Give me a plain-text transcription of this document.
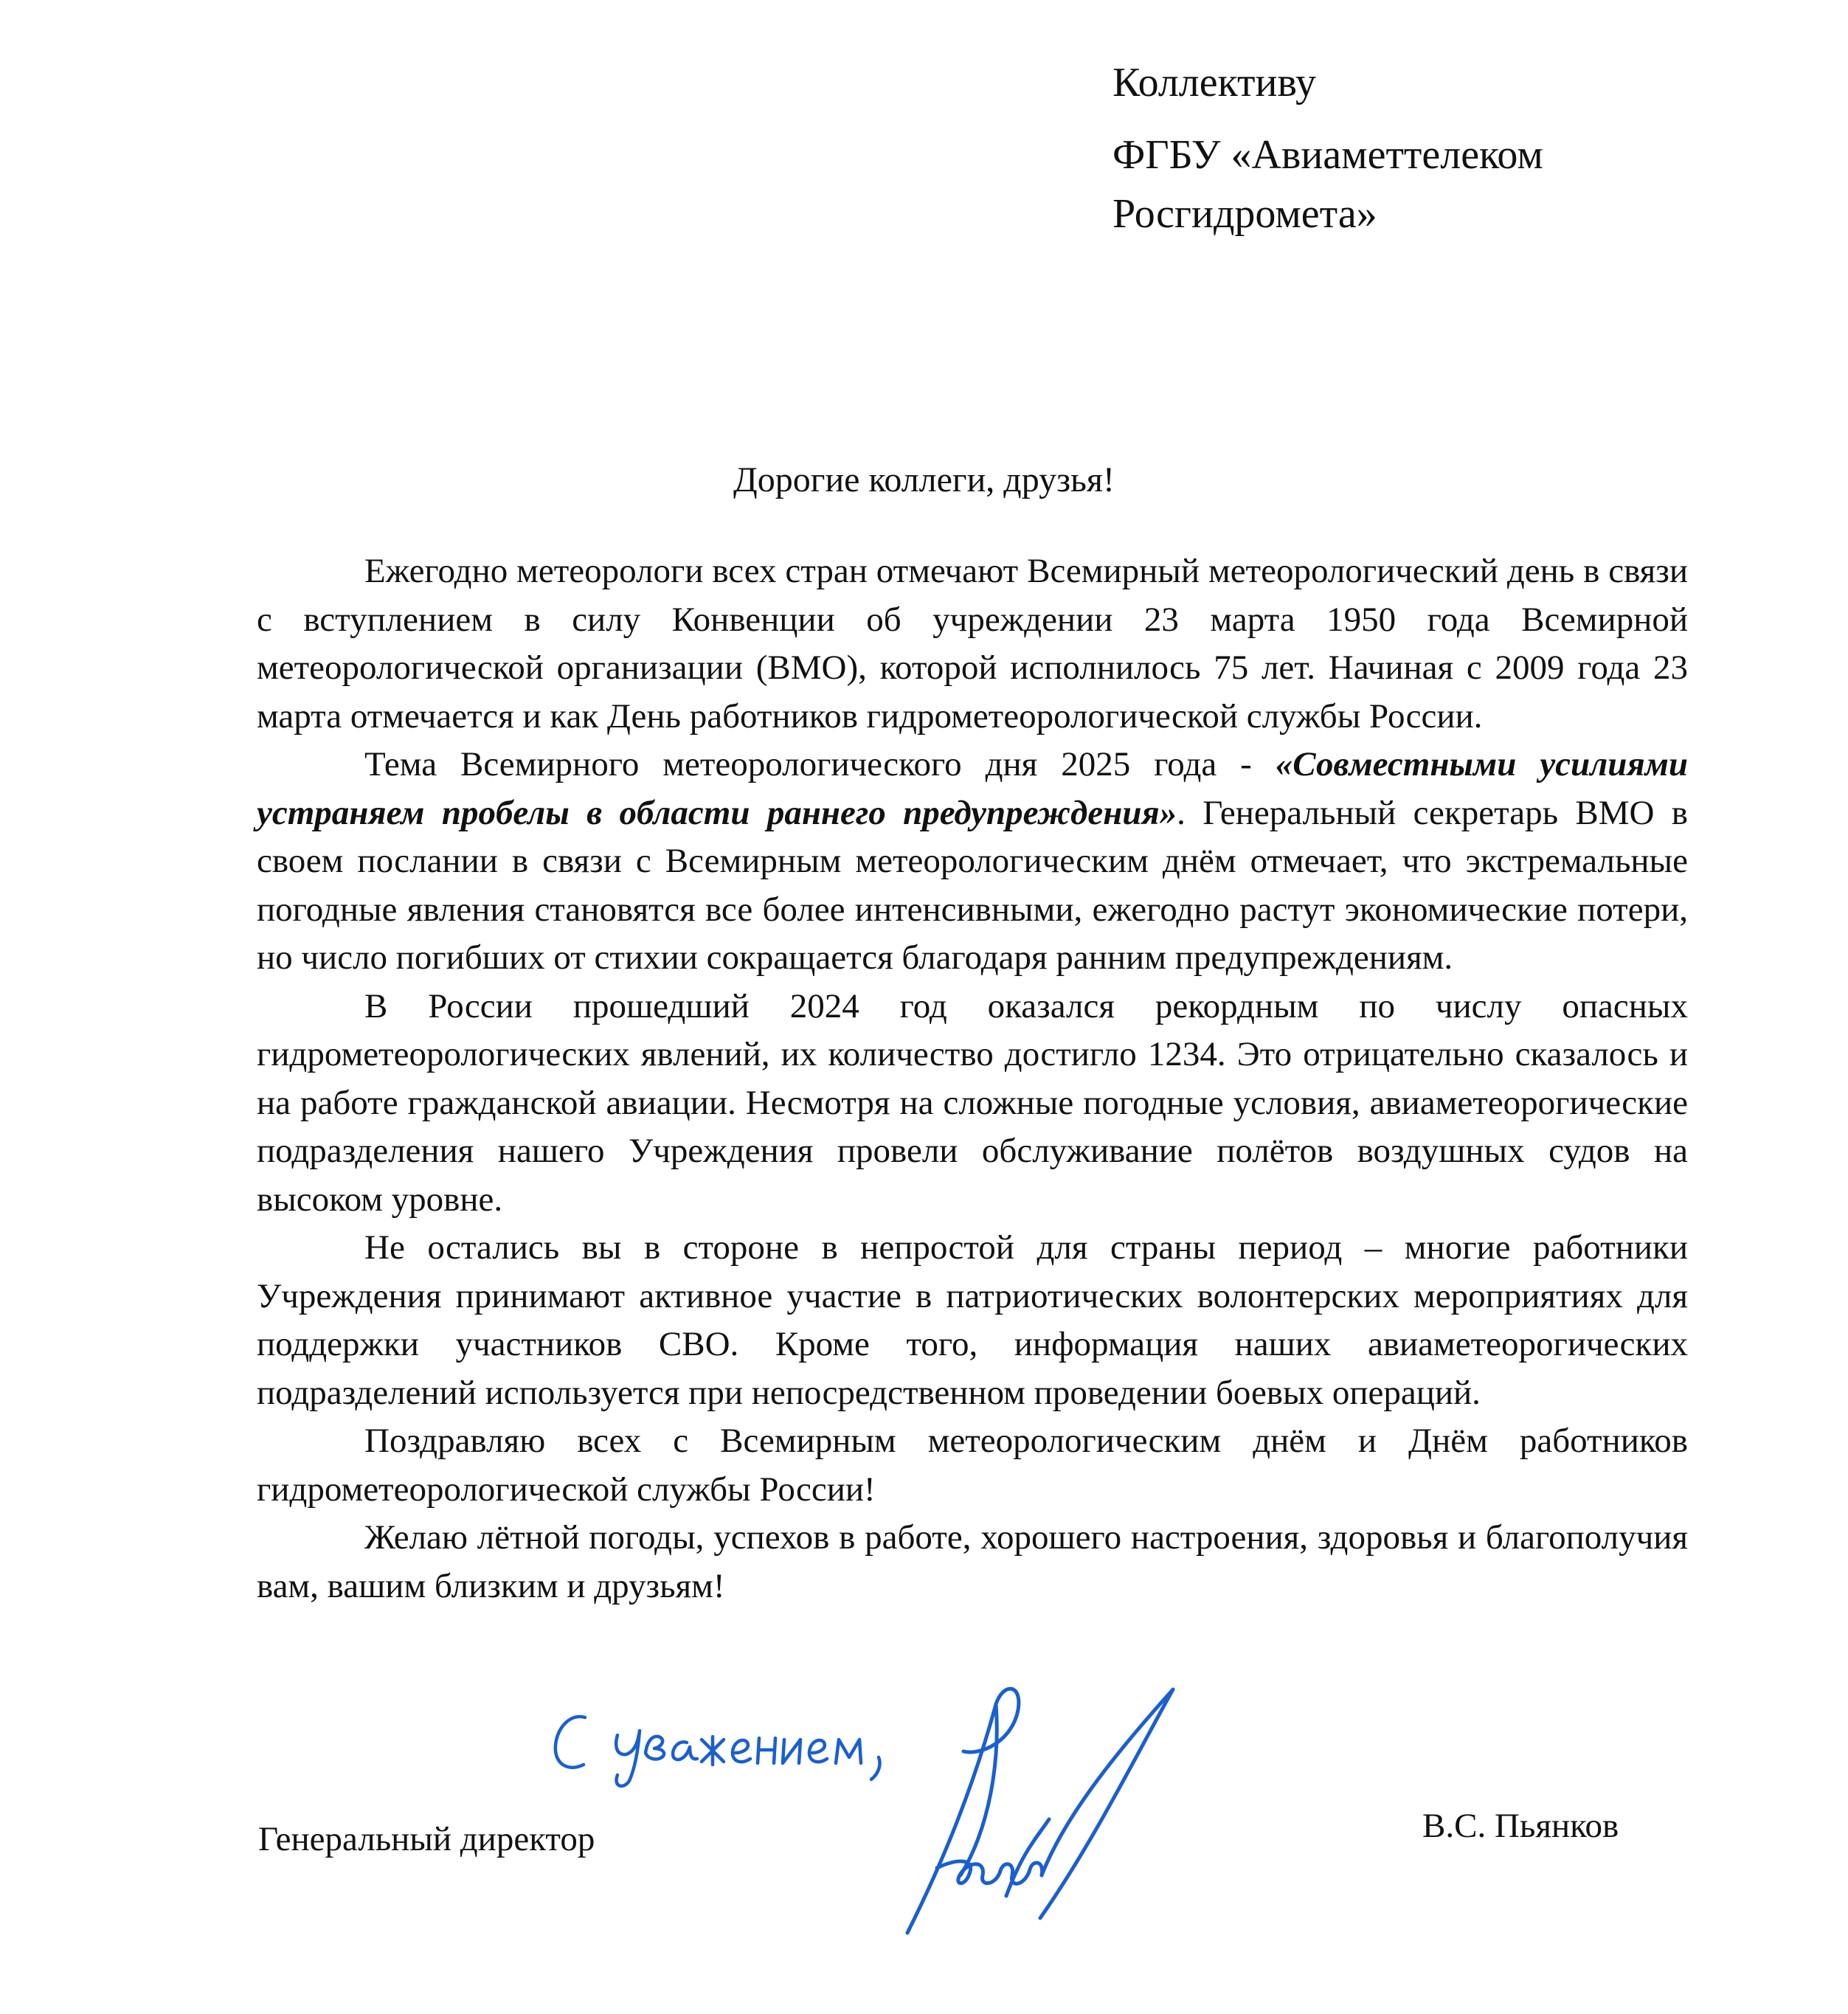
Коллективу
ФГБУ «Авиаметтелеком
Росгидромета»
Дорогие коллеги, друзья!

Ежегодно метеорологи всех стран отмечают Всемирный метеорологический день в связи с вступлением в силу Конвенции об учреждении 23 марта 1950 года Всемирной метеорологической организации (ВМО), которой исполнилось 75 лет. Начиная с 2009 года 23 марта отмечается и как День работников гидрометеорологической службы России.

Тема Всемирного метеорологического дня 2025 года - «Совместными усилиями устраняем пробелы в области раннего предупреждения». Генеральный секретарь ВМО в своем послании в связи с Всемирным метеорологическим днём отмечает, что экстремальные погодные явления становятся все более интенсивными, ежегодно растут экономические потери, но число погибших от стихии сокращается благодаря ранним предупреждениям.

В России прошедший 2024 год оказался рекордным по числу опасных гидрометеорологических явлений, их количество достигло 1234. Это отрицательно сказалось и на работе гражданской авиации. Несмотря на сложные погодные условия, авиаметеорогические подразделения нашего Учреждения провели обслуживание полётов воздушных судов на высоком уровне.

Не остались вы в стороне в непростой для страны период – многие работники Учреждения принимают активное участие в патриотических волонтерских мероприятиях для поддержки участников СВО. Кроме того, информация наших авиаметеорогических подразделений используется при непосредственном проведении боевых операций.

Поздравляю всех с Всемирным метеорологическим днём и Днём работников гидрометеорологической службы России!

Желаю лётной погоды, успехов в работе, хорошего настроения, здоровья и благополучия вам, вашим близким и друзьям!

Генеральный директор	В.С. Пьянков
